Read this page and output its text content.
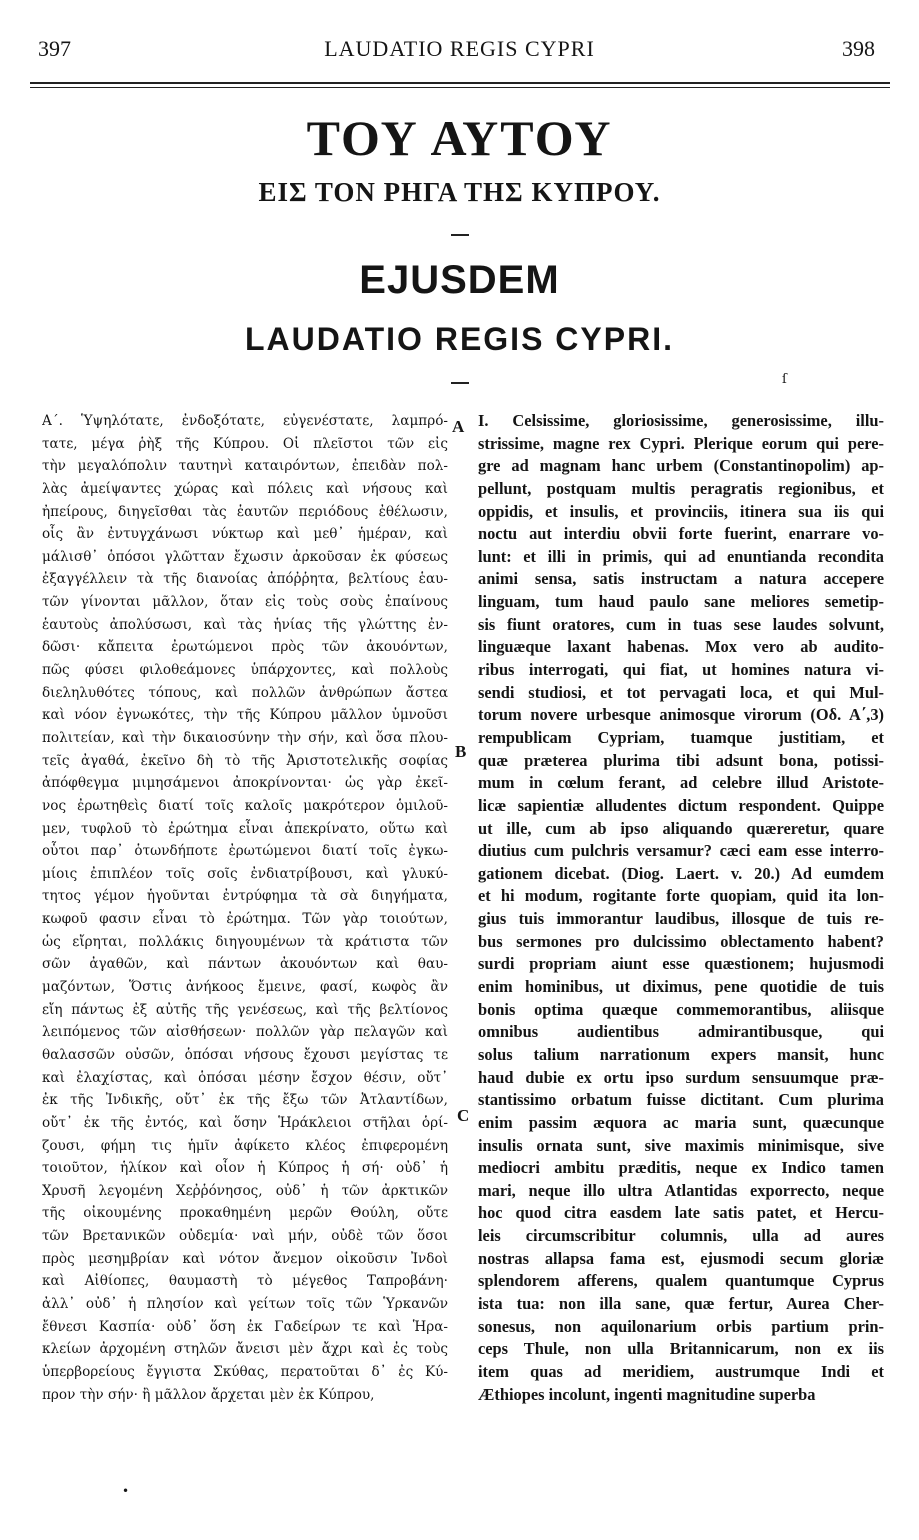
LAUDATIO REGIS CYPRI
397	398
ΤΟΥ ΑΥΤΟΥ
ΕΙΣ ΤΟΝ ΡΗΓΑ ΤΗΣ ΚΥΠΡΟΥ.
EJUSDEM
LAUDATIO REGIS CYPRI.
ſ
Α΄. Ὑψηλότατε, ἐνδοξότατε, εὐγενέστατε, λαμπρό-
τατε, μέγα ῥὴξ τῆς Κύπρου. Οἱ πλεῖστοι τῶν εἰς
τὴν μεγαλόπολιν ταυτηνὶ καταιρόντων, ἐπειδὰν πολ-
λὰς ἀμείψαντες χώρας καὶ πόλεις καὶ νήσους καὶ
ἠπείρους, διηγεῖσθαι τὰς ἑαυτῶν περιόδους ἐθέλωσιν,
οἷς ἂν ἐντυγχάνωσι νύκτωρ καὶ μεθ᾽ ἡμέραν, καὶ
μάλισθ᾽ ὁπόσοι γλῶτταν ἔχωσιν ἀρκοῦσαν ἐκ φύσεως
ἐξαγγέλλειν τὰ τῆς διανοίας ἀπόῤῥητα, βελτίους ἑαυ-
τῶν γίνονται μᾶλλον, ὅταν εἰς τοὺς σοὺς ἐπαίνους
ἑαυτοὺς ἀπολύσωσι, καὶ τὰς ἡνίας τῆς γλώττης ἐν-
δῶσι· κἄπειτα ἐρωτώμενοι πρὸς τῶν ἀκουόντων,
πῶς φύσει φιλοθεάμονες ὑπάρχοντες, καὶ πολλοὺς
διεληλυθότες τόπους, καὶ πολλῶν ἀνθρώπων ἄστεα
καὶ νόον ἐγνωκότες, τὴν τῆς Κύπρου μᾶλλον ὑμνοῦσι
πολιτείαν, καὶ τὴν δικαιοσύνην τὴν σήν, καὶ ὅσα πλου-
τεῖς ἀγαθά, ἐκεῖνο δὴ τὸ τῆς Ἀριστοτελικῆς σοφίας
ἀπόφθεγμα μιμησάμενοι ἀποκρίνονται· ὡς γὰρ ἐκεῖ-
νος ἐρωτηθεὶς διατί τοῖς καλοῖς μακρότερον ὁμιλοῦ-
μεν, τυφλοῦ τὸ ἐρώτημα εἶναι ἀπεκρίνατο, οὕτω καὶ
οὗτοι παρ᾽ ὁτωνδήποτε ἐρωτώμενοι διατί τοῖς ἐγκω-
μίοις ἐπιπλέον τοῖς σοῖς ἐνδιατρίβουσι, καὶ γλυκύ-
τητος γέμον ἡγοῦνται ἐντρύφημα τὰ σὰ διηγήματα,
κωφοῦ φασιν εἶναι τὸ ἐρώτημα. Τῶν γὰρ τοιούτων,
ὡς εἴρηται, πολλάκις διηγουμένων τὰ κράτιστα τῶν
σῶν ἀγαθῶν, καὶ πάντων ἀκουόντων καὶ θαυ-
μαζόντων, Ὅστις ἀνήκοος ἔμεινε, φασί, κωφὸς ἂν
εἴη πάντως ἐξ αὐτῆς τῆς γενέσεως, καὶ τῆς βελτίονος
λειπόμενος τῶν αἰσθήσεων· πολλῶν γὰρ πελαγῶν καὶ
θαλασσῶν οὐσῶν, ὁπόσαι νήσους ἔχουσι μεγίστας τε
καὶ ἐλαχίστας, καὶ ὁπόσαι μέσην ἔσχον θέσιν, οὔτ᾽
ἐκ τῆς Ἰνδικῆς, οὔτ᾽ ἐκ τῆς ἔξω τῶν Ἀτλαντίδων,
οὔτ᾽ ἐκ τῆς ἐντός, καὶ ὅσην Ἡράκλειοι στῆλαι ὁρί-
ζουσι, φήμη τις ἡμῖν ἀφίκετο κλέος ἐπιφερομένη
τοιοῦτον, ἡλίκον καὶ οἷον ἡ Κύπρος ἡ σή· οὐδ᾽ ἡ
Χρυσῆ λεγομένη Χεῤῥόνησος, οὐδ᾽ ἡ τῶν ἀρκτικῶν
τῆς οἰκουμένης προκαθημένη μερῶν Θούλη, οὔτε
τῶν Βρετανικῶν οὐδεμία· ναὶ μήν, οὐδὲ τῶν ὅσοι
πρὸς μεσημβρίαν καὶ νότον ἄνεμον οἰκοῦσιν Ἰνδοὶ
καὶ Αἰθίοπες, θαυμαστὴ τὸ μέγεθος Ταπροβάνη·
ἀλλ᾽ οὐδ᾽ ἡ πλησίον καὶ γείτων τοῖς τῶν Ὑρκανῶν
ἔθνεσι Κασπία· οὐδ᾽ ὅση ἐκ Γαδείρων τε καὶ Ἡρα-
κλείων ἀρχομένη στηλῶν ἄνεισι μὲν ἄχρι καὶ ἐς τοὺς
ὑπερβορείους ἔγγιστα Σκύθας, περατοῦται δ᾽ ἐς Κύ-
προν τὴν σήν· ἢ μᾶλλον ἄρχεται μὲν ἐκ Κύπρου,
A
B
C
I. Celsissime, gloriosissime, generosissime, illu-
strissime, magne rex Cypri. Plerique eorum qui pere-
gre ad magnam hanc urbem (Constantinopolim) ap-
pellunt, postquam multis peragratis regionibus, et
oppidis, et insulis, et provinciis, itinera sua iis qui
noctu aut interdiu obvii forte fuerint, enarrare vo-
lunt: et illi in primis, qui ad enuntianda recondita
animi sensa, satis instructam a natura accepere
linguam, tum haud paulo sane meliores semetip-
sis fiunt oratores, cum in tuas sese laudes solvunt,
linguæque laxant habenas. Mox vero ab audito-
ribus interrogati, qui fiat, ut homines natura vi-
sendi studiosi, et tot pervagati loca, et qui Mul-
torum novere urbesque animosque virorum (Οδ. Α΄,3)
rempublicam Cypriam, tuamque justitiam, et
quæ præterea plurima tibi adsunt bona, potissi-
mum in cœlum ferant, ad celebre illud Aristote-
licæ sapientiæ alludentes dictum respondent. Quippe
ut ille, cum ab ipso aliquando quæreretur, quare
diutius cum pulchris versamur? cæci eam esse interro-
gationem dicebat. (Diog. Laert. v. 20.) Ad eumdem
et hi modum, rogitante forte quopiam, quid ita lon-
gius tuis immorantur laudibus, illosque de tuis re-
bus sermones pro dulcissimo oblectamento habent?
surdi propriam aiunt esse quæstionem; hujusmodi
enim hominibus, ut diximus, pene quotidie de tuis
bonis optima quæque commemorantibus, aliisque
omnibus audientibus admirantibusque, qui
solus talium narrationum expers mansit, hunc
haud dubie ex ortu ipso surdum sensuumque præ-
stantissimo orbatum fuisse dictitant. Cum plurima
enim passim æquora ac maria sunt, quæcunque
insulis ornata sunt, sive maximis minimisque, sive
mediocri ambitu præditis, neque ex Indico tamen
mari, neque illo ultra Atlantidas exporrecto, neque
hoc quod citra easdem late satis patet, et Hercu-
leis circumscribitur columnis, ulla ad aures
nostras allapsa fama est, ejusmodi secum gloriæ
splendorem afferens, qualem quantumque Cyprus
ista tua: non illa sane, quæ fertur, Aurea Cher-
sonesus, non aquilonarium orbis partium prin-
ceps Thule, non ulla Britannicarum, non ex iis
item quas ad meridiem, austrumque Indi et
Æthiopes incolunt, ingenti magnitudine superba
•
